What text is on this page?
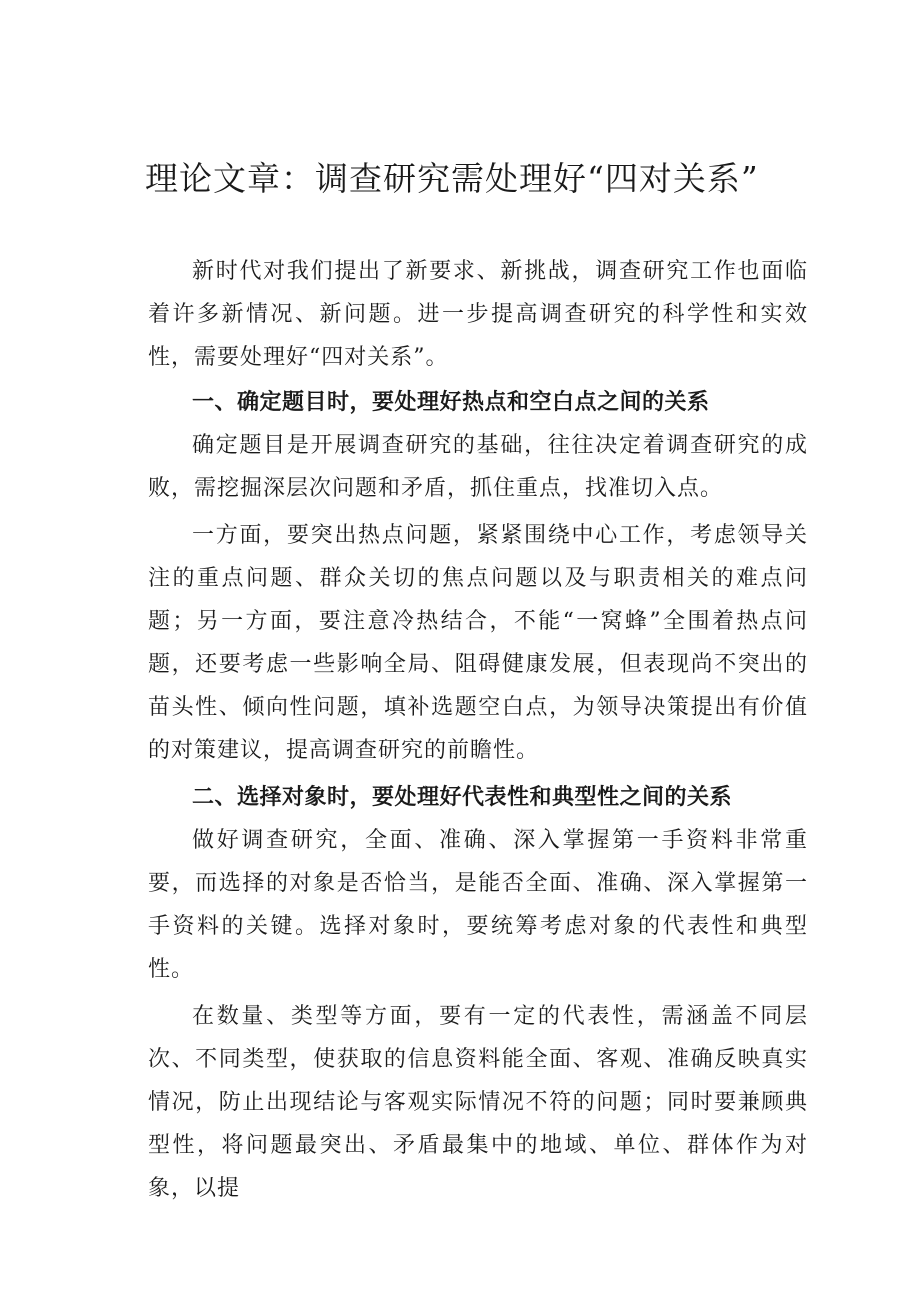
理论文章：调查研究需处理好“四对关系”

新时代对我们提出了新要求、新挑战，调查研究工作也面临着许多新情况、新问题。进一步提高调查研究的科学性和实效性，需要处理好“四对关系”。

一、确定题目时，要处理好热点和空白点之间的关系

确定题目是开展调查研究的基础，往往决定着调查研究的成败，需挖掘深层次问题和矛盾，抓住重点，找准切入点。

一方面，要突出热点问题，紧紧围绕中心工作，考虑领导关注的重点问题、群众关切的焦点问题以及与职责相关的难点问题；另一方面，要注意冷热结合，不能“一窝蜂”全围着热点问题，还要考虑一些影响全局、阻碍健康发展，但表现尚不突出的苗头性、倾向性问题，填补选题空白点，为领导决策提出有价值的对策建议，提高调查研究的前瞻性。

二、选择对象时，要处理好代表性和典型性之间的关系

做好调查研究，全面、准确、深入掌握第一手资料非常重要，而选择的对象是否恰当，是能否全面、准确、深入掌握第一手资料的关键。选择对象时，要统筹考虑对象的代表性和典型性。

在数量、类型等方面，要有一定的代表性，需涵盖不同层次、不同类型，使获取的信息资料能全面、客观、准确反映真实情况，防止出现结论与客观实际情况不符的问题；同时要兼顾典型性，将问题最突出、矛盾最集中的地域、单位、群体作为对象，以提
